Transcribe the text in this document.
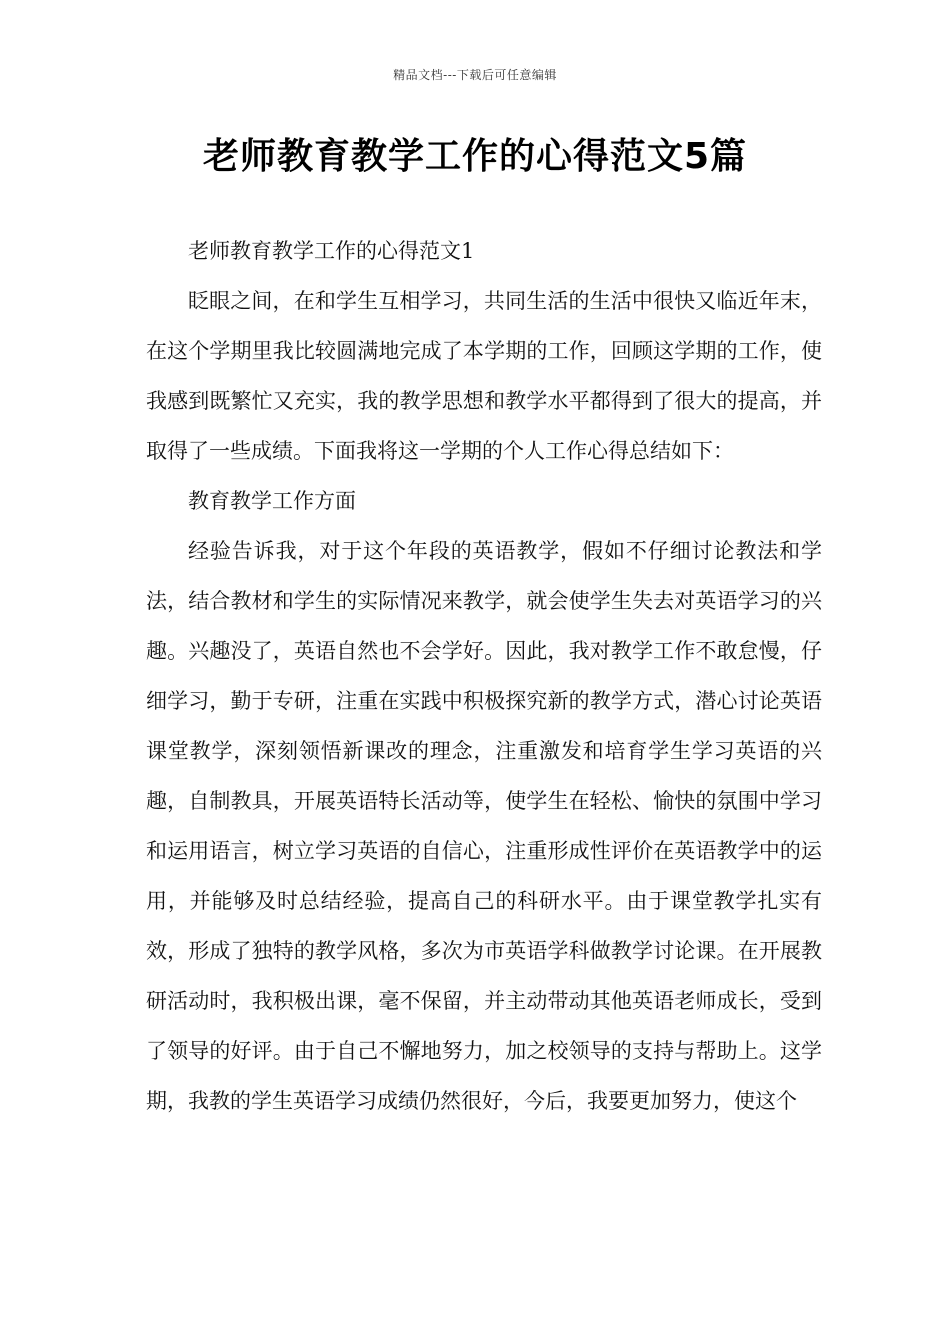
精品文档---下载后可任意编辑
老师教育教学工作的心得范文5篇

老师教育教学工作的心得范文1

眨眼之间，在和学生互相学习，共同生活的生活中很快又临近年末，在这个学期里我比较圆满地完成了本学期的工作，回顾这学期的工作，使我感到既繁忙又充实，我的教学思想和教学水平都得到了很大的提高，并取得了一些成绩。下面我将这一学期的个人工作心得总结如下：

教育教学工作方面

经验告诉我，对于这个年段的英语教学，假如不仔细讨论教法和学法，结合教材和学生的实际情况来教学，就会使学生失去对英语学习的兴趣。兴趣没了，英语自然也不会学好。因此，我对教学工作不敢怠慢，仔细学习，勤于专研，注重在实践中积极探究新的教学方式，潜心讨论英语课堂教学，深刻领悟新课改的理念，注重激发和培育学生学习英语的兴趣，自制教具，开展英语特长活动等，使学生在轻松、愉快的氛围中学习和运用语言，树立学习英语的自信心，注重形成性评价在英语教学中的运用，并能够及时总结经验，提高自己的科研水平。由于课堂教学扎实有效，形成了独特的教学风格，多次为市英语学科做教学讨论课。在开展教研活动时，我积极出课，毫不保留，并主动带动其他英语老师成长，受到了领导的好评。由于自己不懈地努力，加之校领导的支持与帮助上。这学期，我教的学生英语学习成绩仍然很好，今后，我要更加努力，使这个
